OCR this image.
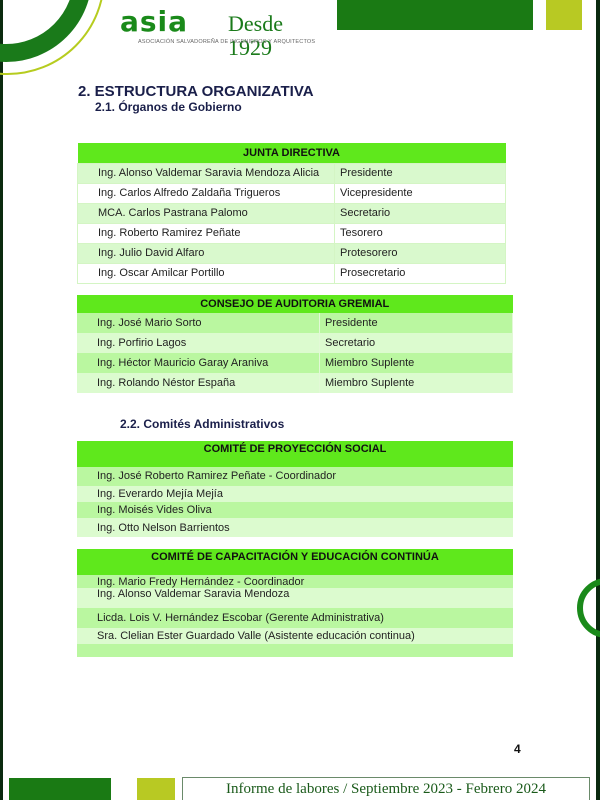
asia Desde 1929
ASOCIACIÓN SALVADOREÑA DE INGENIEROS Y ARQUITECTOS
2. ESTRUCTURA ORGANIZATIVA
2.1. Órganos de Gobierno
JUNTA DIRECTIVA	
Ing. Alonso Valdemar Saravia Mendoza Alicia	Presidente
Ing. Carlos Alfredo Zaldaña Trigueros	Vicepresidente
MCA. Carlos Pastrana Palomo	Secretario
Ing. Roberto Ramirez Peñate	Tesorero
Ing. Julio David Alfaro	Protesorero
Ing. Oscar Amilcar Portillo	Prosecretario
CONSEJO DE AUDITORIA GREMIAL	
Ing. José Mario Sorto	Presidente
Ing. Porfirio Lagos	Secretario
Ing. Héctor Mauricio Garay Araniva	Miembro Suplente
Ing. Rolando Néstor España	Miembro Suplente
2.2. Comités Administrativos
COMITÉ DE PROYECCIÓN SOCIAL
Ing. José Roberto Ramirez Peñate - Coordinador
Ing. Everardo Mejía Mejía
Ing. Moisés Vides Oliva
Ing. Otto Nelson Barrientos
COMITÉ DE CAPACITACIÓN Y EDUCACIÓN CONTINÚA
Ing. Mario Fredy Hernández - Coordinador
Ing. Alonso Valdemar Saravia Mendoza
Licda. Lois V. Hernández Escobar (Gerente Administrativa)
Sra. Clelian Ester Guardado Valle (Asistente educación continua)

4
Informe de labores / Septiembre 2023 - Febrero 2024
